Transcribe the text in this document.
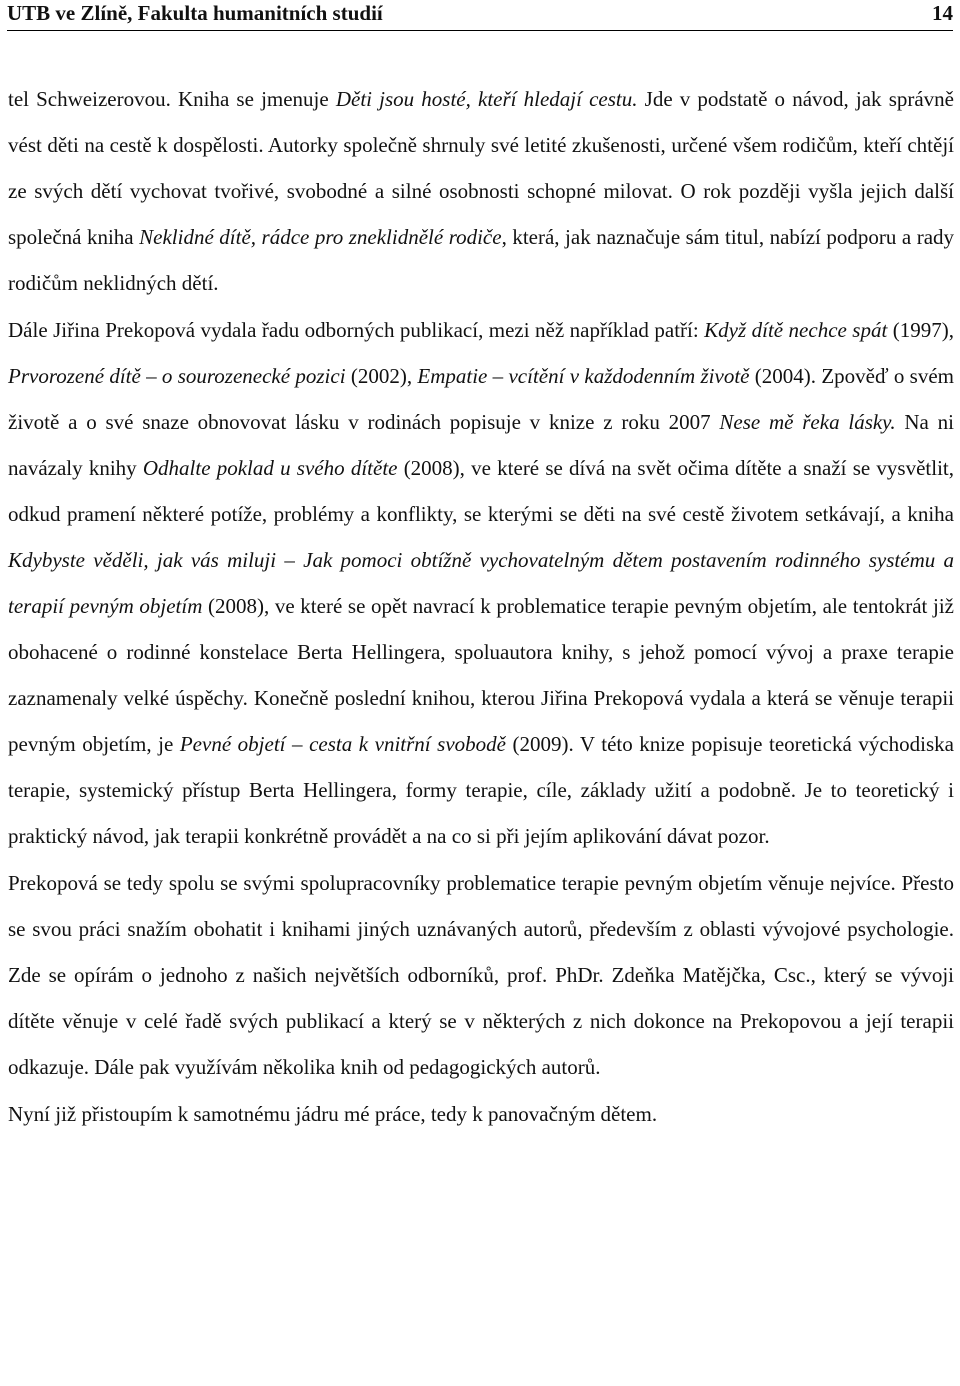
UTB ve Zlíně, Fakulta humanitních studií	14

tel Schweizerovou. Kniha se jmenuje Děti jsou hosté, kteří hledají cestu. Jde v podstatě o návod, jak správně vést děti na cestě k dospělosti. Autorky společně shrnuly své letité zkušenosti, určené všem rodičům, kteří chtějí ze svých dětí vychovat tvořivé, svobodné a silné osobnosti schopné milovat. O rok později vyšla jejich další společná kniha Neklidné dítě, rádce pro zneklidnělé rodiče, která, jak naznačuje sám titul, nabízí podporu a rady rodičům neklidných dětí.

Dále Jiřina Prekopová vydala řadu odborných publikací, mezi něž například patří: Když dítě nechce spát (1997), Prvorozené dítě – o sourozenecké pozici (2002), Empatie – vcítění v každodenním životě (2004). Zpověď o svém životě a o své snaze obnovovat lásku v rodinách popisuje v knize z roku 2007 Nese mě řeka lásky. Na ni navázaly knihy Odhalte poklad u svého dítěte (2008), ve které se dívá na svět očima dítěte a snaží se vysvětlit, odkud pramení některé potíže, problémy a konflikty, se kterými se děti na své cestě životem setkávají, a kniha Kdybyste věděli, jak vás miluji – Jak pomoci obtížně vychovatelným dětem postavením rodinného systému a terapií pevným objetím (2008), ve které se opět navrací k problematice terapie pevným objetím, ale tentokrát již obohacené o rodinné konstelace Berta Hellingera, spoluautora knihy, s jehož pomocí vývoj a praxe terapie zaznamenaly velké úspěchy. Konečně poslední knihou, kterou Jiřina Prekopová vydala a která se věnuje terapii pevným objetím, je Pevné objetí – cesta k vnitřní svobodě (2009). V této knize popisuje teoretická východiska terapie, systemický přístup Berta Hellingera, formy terapie, cíle, základy užití a podobně. Je to teoretický i praktický návod, jak terapii konkrétně provádět a na co si při jejím aplikování dávat pozor.

Prekopová se tedy spolu se svými spolupracovníky problematice terapie pevným objetím věnuje nejvíce. Přesto se svou práci snažím obohatit i knihami jiných uznávaných autorů, především z oblasti vývojové psychologie. Zde se opírám o jednoho z našich největších odborníků, prof. PhDr. Zdeňka Matějčka, Csc., který se vývoji dítěte věnuje v celé řadě svých publikací a který se v některých z nich dokonce na Prekopovou a její terapii odkazuje. Dále pak využívám několika knih od pedagogických autorů.

Nyní již přistoupím k samotnému jádru mé práce, tedy k panovačným dětem.
